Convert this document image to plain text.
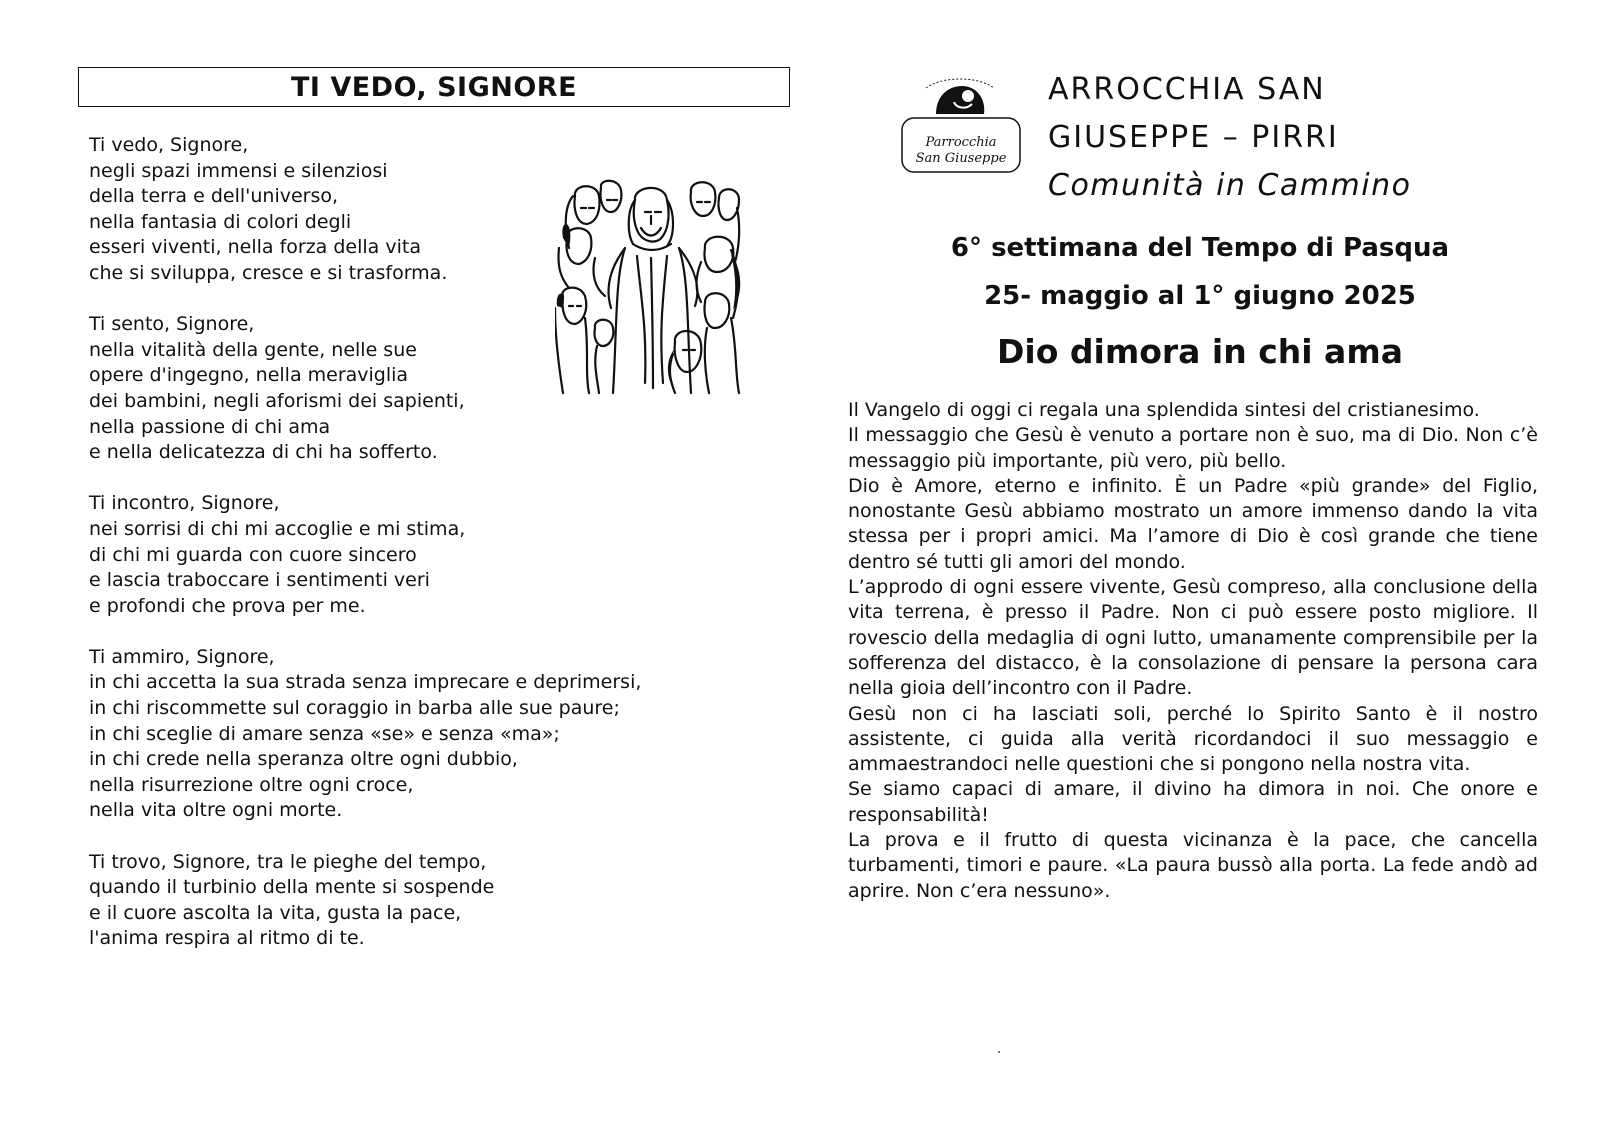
TI VEDO, SIGNORE
Ti vedo, Signore,
negli spazi immensi e silenziosi
della terra e dell'universo,
nella fantasia di colori degli
esseri viventi, nella forza della vita
che si sviluppa, cresce e si trasforma.
Ti sento, Signore,
nella vitalità della gente, nelle sue
opere d'ingegno, nella meraviglia
dei bambini, negli aforismi dei sapienti,
nella passione di chi ama
e nella delicatezza di chi ha sofferto.
Ti incontro, Signore,
nei sorrisi di chi mi accoglie e mi stima,
di chi mi guarda con cuore sincero
e lascia traboccare i sentimenti veri
e profondi che prova per me.
Ti ammiro, Signore,
in chi accetta la sua strada senza imprecare e deprimersi,
in chi riscommette sul coraggio in barba alle sue paure;
in chi sceglie di amare senza «se» e senza «ma»;
in chi crede nella speranza oltre ogni dubbio,
nella risurrezione oltre ogni croce,
nella vita oltre ogni morte.
Ti trovo, Signore, tra le pieghe del tempo,
quando il turbinio della mente si sospende
e il cuore ascolta la vita, gusta la pace,
l'anima respira al ritmo di te.
Parrocchia
San Giuseppe
ARROCCHIA SAN
GIUSEPPE – PIRRI
Comunità in Cammino
6° settimana del Tempo di Pasqua
25- maggio al 1° giugno 2025
Dio dimora in chi ama

Il Vangelo di oggi ci regala una splendida sintesi del cristianesimo.

Il messaggio che Gesù è venuto a portare non è suo, ma di Dio. Non c’è messaggio più importante, più vero, più bello.

Dio è Amore, eterno e infinito. È un Padre «più grande» del Figlio, nonostante Gesù abbiamo mostrato un amore immenso dando la vita stessa per i propri amici. Ma l’amore di Dio è così grande che tiene dentro sé tutti gli amori del mondo.

L’approdo di ogni essere vivente, Gesù compreso, alla conclusione della vita terrena, è presso il Padre. Non ci può essere posto migliore. Il rovescio della medaglia di ogni lutto, umanamente comprensibile per la sofferenza del distacco, è la consolazione di pensare la persona cara nella gioia dell’incontro con il Padre.

Gesù non ci ha lasciati soli, perché lo Spirito Santo è il nostro assistente, ci guida alla verità ricordandoci il suo messaggio e ammaestrandoci nelle questioni che si pongono nella nostra vita.

Se siamo capaci di amare, il divino ha dimora in noi. Che onore e responsabilità!

La prova e il frutto di questa vicinanza è la pace, che cancella turbamenti, timori e paure. «La paura bussò alla porta. La fede andò ad aprire. Non c’era nessuno».
